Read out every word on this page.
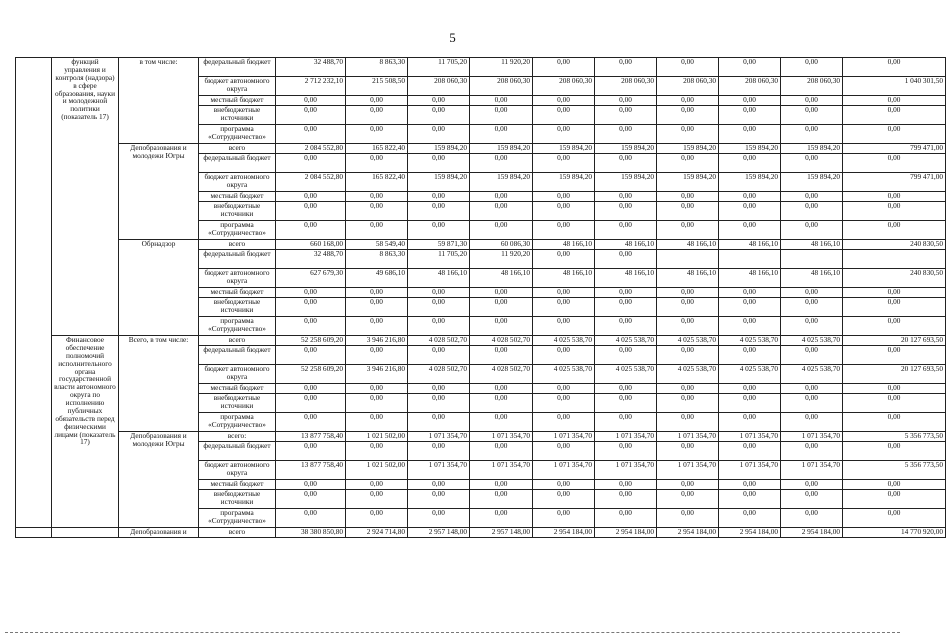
5
	функций управления и контроля (надзора) в сфере образования, науки и молодежной политики (показатель 17)	в том числе:	федеральный бюджет	32 488,70	8 863,30	11 705,20	11 920,20	0,00	0,00	0,00	0,00	0,00	0,00
			бюджет автономного округа	2 712 232,10	215 508,50	208 060,30	208 060,30	208 060,30	208 060,30	208 060,30	208 060,30	208 060,30	1 040 301,50
			местный бюджет	0,00	0,00	0,00	0,00	0,00	0,00	0,00	0,00	0,00	0,00
			внебюджетные источники	0,00	0,00	0,00	0,00	0,00	0,00	0,00	0,00	0,00	0,00
			программа «Сотрудничество»	0,00	0,00	0,00	0,00	0,00	0,00	0,00	0,00	0,00	0,00
		Депобразования и молодежи Югры	всего	2 084 552,80	165 822,40	159 894,20	159 894,20	159 894,20	159 894,20	159 894,20	159 894,20	159 894,20	799 471,00
			федеральный бюджет	0,00	0,00	0,00	0,00	0,00	0,00	0,00	0,00	0,00	0,00
			бюджет автономного округа	2 084 552,80	165 822,40	159 894,20	159 894,20	159 894,20	159 894,20	159 894,20	159 894,20	159 894,20	799 471,00
			местный бюджет	0,00	0,00	0,00	0,00	0,00	0,00	0,00	0,00	0,00	0,00
			внебюджетные источники	0,00	0,00	0,00	0,00	0,00	0,00	0,00	0,00	0,00	0,00
			программа «Сотрудничество»	0,00	0,00	0,00	0,00	0,00	0,00	0,00	0,00	0,00	0,00
		Обрнадзор	всего	660 168,00	58 549,40	59 871,30	60 086,30	48 166,10	48 166,10	48 166,10	48 166,10	48 166,10	240 830,50
			федеральный бюджет	32 488,70	8 863,30	11 705,20	11 920,20	0,00	0,00				
			бюджет автономного округа	627 679,30	49 686,10	48 166,10	48 166,10	48 166,10	48 166,10	48 166,10	48 166,10	48 166,10	240 830,50
			местный бюджет	0,00	0,00	0,00	0,00	0,00	0,00	0,00	0,00	0,00	0,00
			внебюджетные источники	0,00	0,00	0,00	0,00	0,00	0,00	0,00	0,00	0,00	0,00
			программа «Сотрудничество»	0,00	0,00	0,00	0,00	0,00	0,00	0,00	0,00	0,00	0,00
	Финансовое обеспечение полномочий исполнительного органа государственной власти автономного округа по исполнению публичных обязательств перед физическими лицами (показатель 17)	Всего, в том числе:	всего	52 258 609,20	3 946 216,80	4 028 502,70	4 028 502,70	4 025 538,70	4 025 538,70	4 025 538,70	4 025 538,70	4 025 538,70	20 127 693,50
			федеральный бюджет	0,00	0,00	0,00	0,00	0,00	0,00	0,00	0,00	0,00	0,00
			бюджет автономного округа	52 258 609,20	3 946 216,80	4 028 502,70	4 028 502,70	4 025 538,70	4 025 538,70	4 025 538,70	4 025 538,70	4 025 538,70	20 127 693,50
			местный бюджет	0,00	0,00	0,00	0,00	0,00	0,00	0,00	0,00	0,00	0,00
			внебюджетные источники	0,00	0,00	0,00	0,00	0,00	0,00	0,00	0,00	0,00	0,00
			программа «Сотрудничество»	0,00	0,00	0,00	0,00	0,00	0,00	0,00	0,00	0,00	0,00
		Депобразования и молодежи Югры	всего:	13 877 758,40	1 021 502,00	1 071 354,70	1 071 354,70	1 071 354,70	1 071 354,70	1 071 354,70	1 071 354,70	1 071 354,70	5 356 773,50
			федеральный бюджет	0,00	0,00	0,00	0,00	0,00	0,00	0,00	0,00	0,00	0,00
			бюджет автономного округа	13 877 758,40	1 021 502,00	1 071 354,70	1 071 354,70	1 071 354,70	1 071 354,70	1 071 354,70	1 071 354,70	1 071 354,70	5 356 773,50
			местный бюджет	0,00	0,00	0,00	0,00	0,00	0,00	0,00	0,00	0,00	0,00
			внебюджетные источники	0,00	0,00	0,00	0,00	0,00	0,00	0,00	0,00	0,00	0,00
			программа «Сотрудничество»	0,00	0,00	0,00	0,00	0,00	0,00	0,00	0,00	0,00	0,00
		Депобразования и	всего	38 380 850,80	2 924 714,80	2 957 148,00	2 957 148,00	2 954 184,00	2 954 184,00	2 954 184,00	2 954 184,00	2 954 184,00	14 770 920,00
